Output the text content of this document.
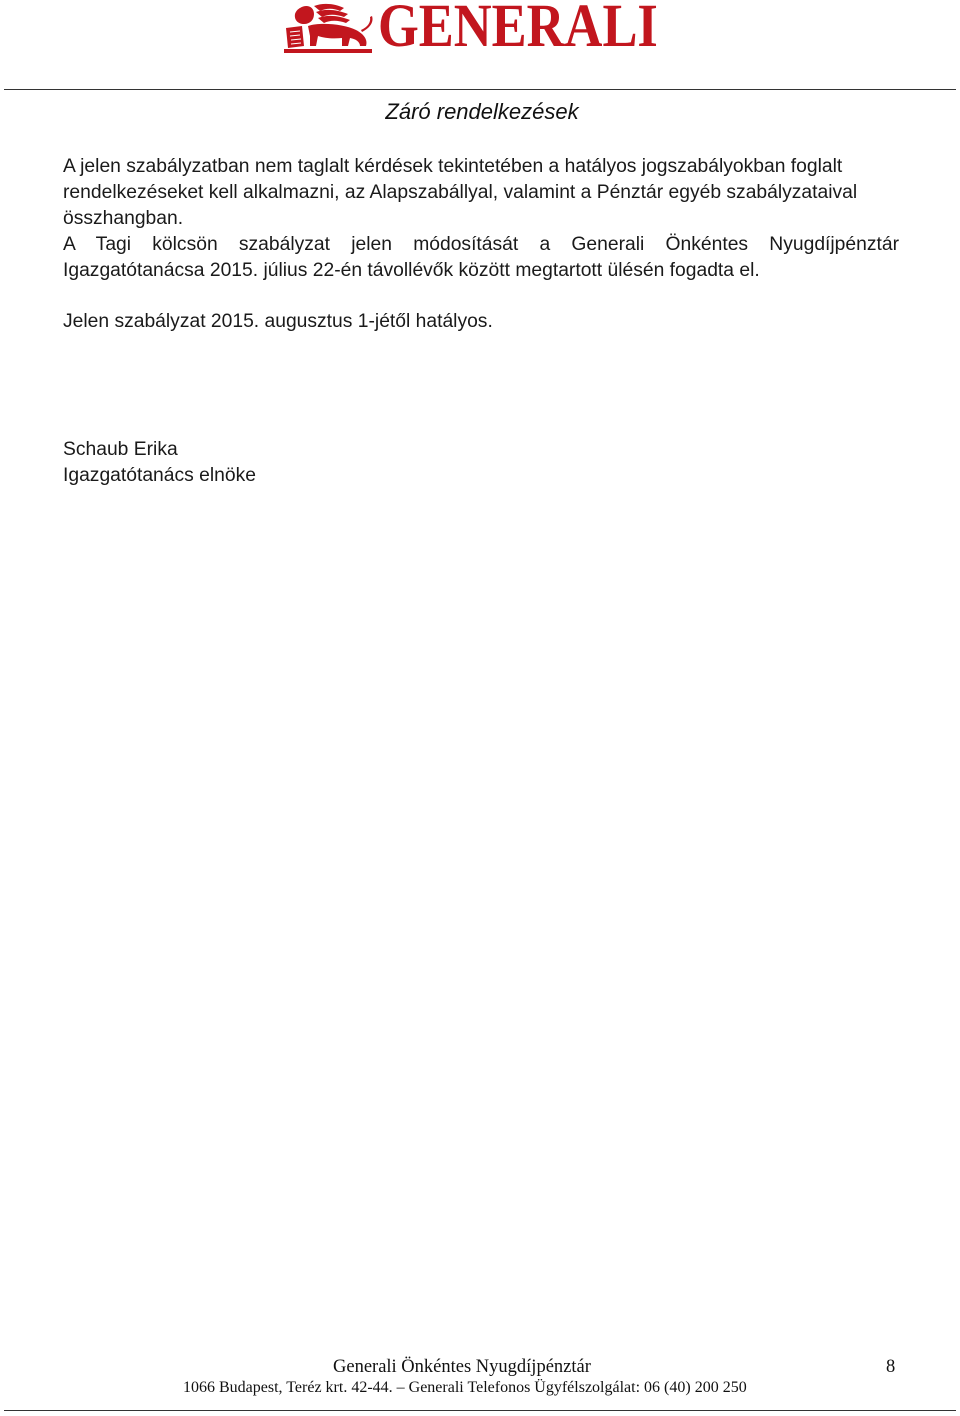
GENERALI
Záró rendelkezések

A jelen szabályzatban nem taglalt kérdések tekintetében a hatályos jogszabályokban foglalt rendelkezéseket kell alkalmazni, az Alapszabállyal, valamint a Pénztár egyéb szabályzataival összhangban.

A Tagi kölcsön szabályzat jelen módosítását a Generali Önkéntes Nyugdíjpénztár Igazgatótanácsa 2015. július 22-én távollévők között megtartott ülésén fogadta el.

Jelen szabályzat 2015. augusztus 1-jétől hatályos.

Schaub Erika
Igazgatótanács elnöke
Generali Önkéntes Nyugdíjpénztár	8
1066 Budapest, Teréz krt. 42-44. – Generali Telefonos Ügyfélszolgálat: 06 (40) 200 250
